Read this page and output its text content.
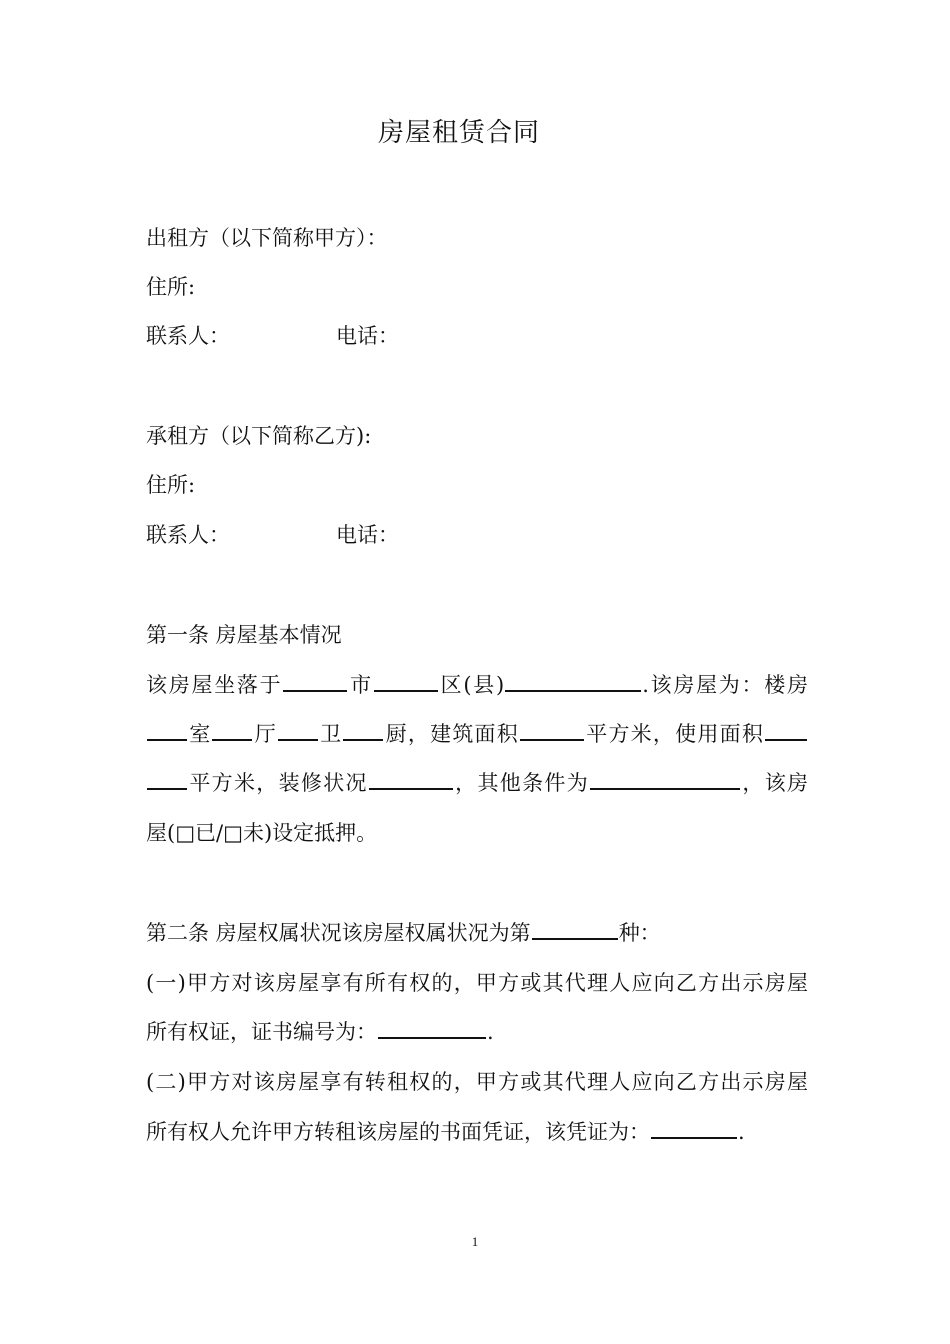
房屋租赁合同
出租方（以下简称甲方）：
住所:
联系人：	电话：
承租方（以下简称乙方):
住所:
联系人：	电话：
第一条 房屋基本情况
该房屋坐落于	市	区(县)	.该房屋为：楼房
室 厅 卫 厨，建筑面积	平方米，使用面积
平方米，装修状况	，其他条件为	，该房
屋(□已/□未)设定抵押。
第二条 房屋权属状况该房屋权属状况为第	种：
(一)甲方对该房屋享有所有权的，甲方或其代理人应向乙方出示房屋
所有权证，证书编号为：	.
(二)甲方对该房屋享有转租权的，甲方或其代理人应向乙方出示房屋
所有权人允许甲方转租该房屋的书面凭证，该凭证为：	.
1
